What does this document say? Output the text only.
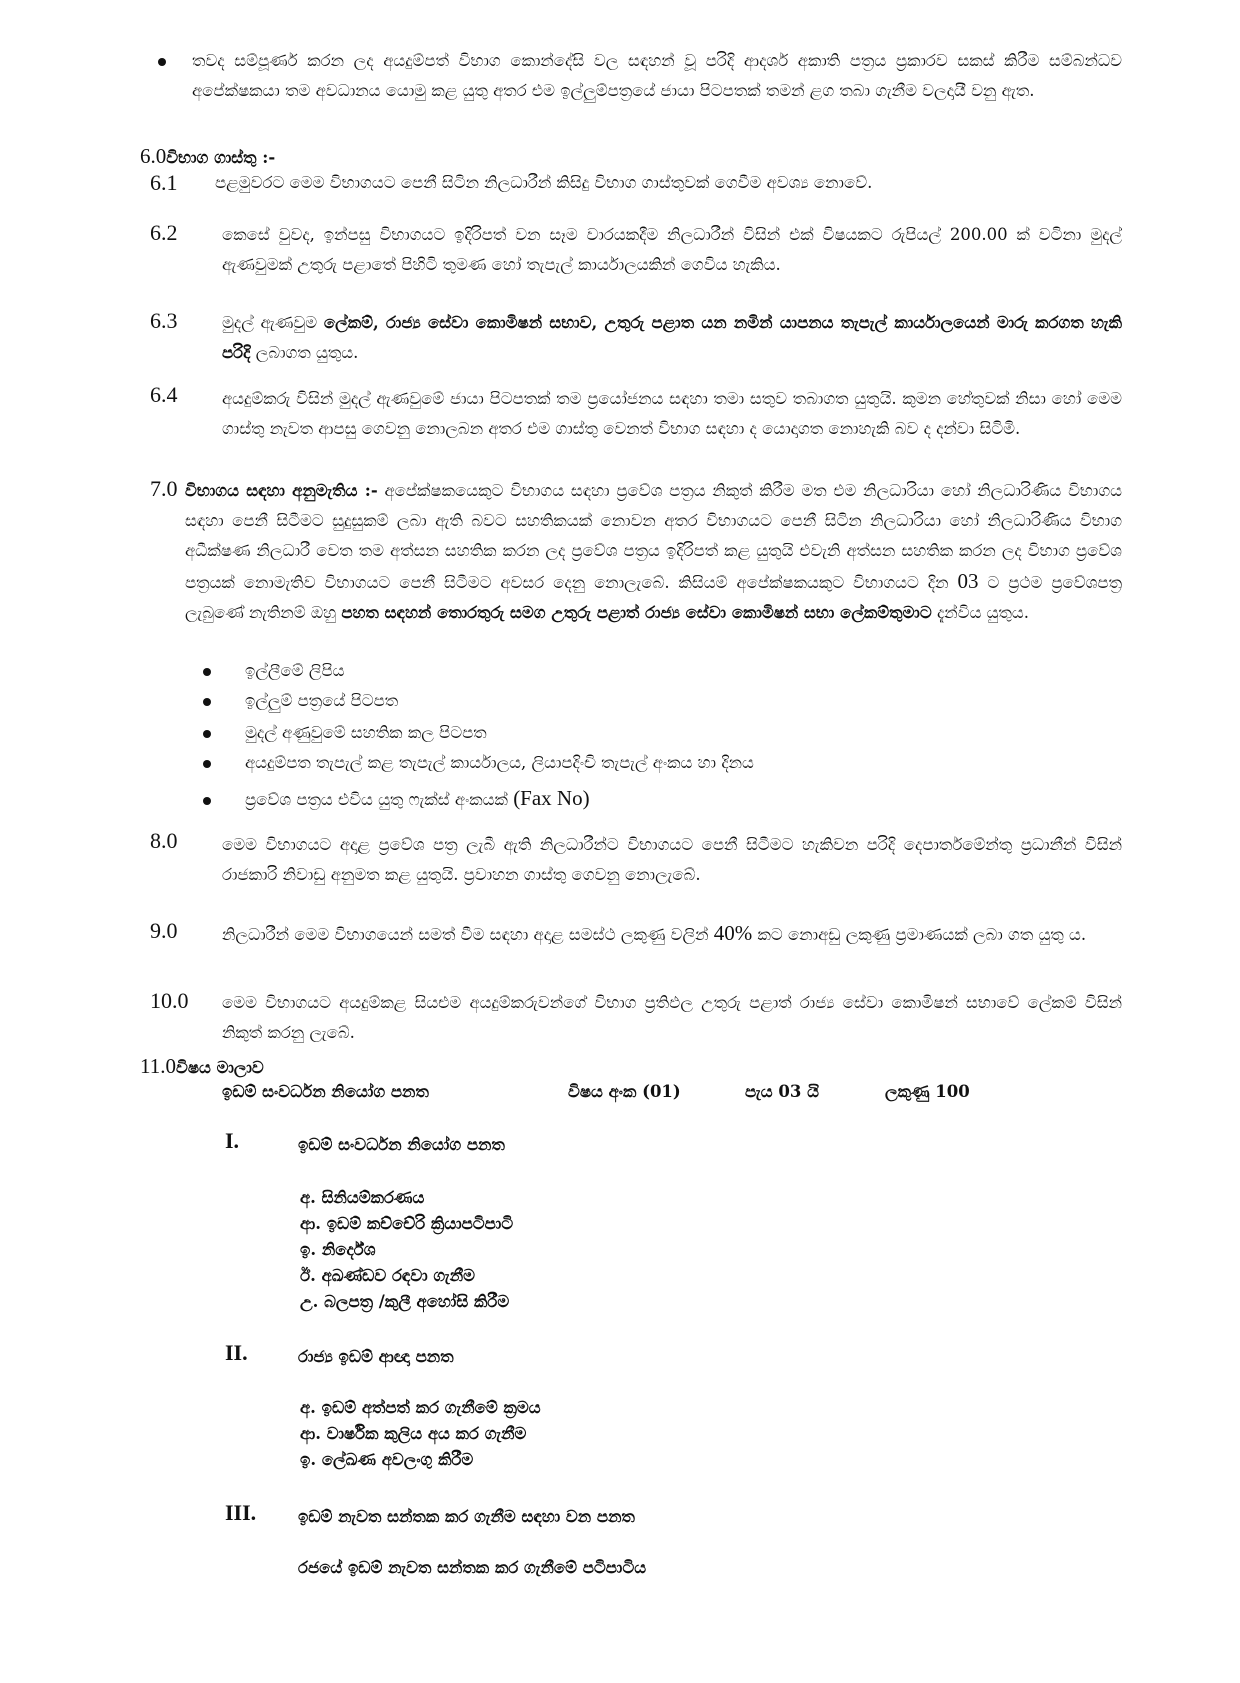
තවද සම්පූර්ණ කරන ලද අයදුම්පත් විභාග කොන්දේසි වල සඳහන් වූ පරිදි ආදර්ශ අකාති පත්‍රය ප්‍රකාරව සකස් කිරීම සම්බන්ධව අපේක්ෂකයා තම අවධානය යොමු කළ යුතු අතර එම ඉල්ලුම්පත්‍රයේ ජායා පිටපතක් තමන් ළග තබා ගැනීම වලදායී වනු ඇත.
6.0විභාග ගාස්තු :-
6.1 පළමුවරට මෙම විභාගයට පෙනී සිටින නිලධාරීන් කිසිදු විභාග ගාස්තුවක් ගෙවීම අවශ්‍ය නොවේ.
6.2	කෙසේ වුවද, ඉන්පසු විභාගයට ඉදිරිපත් වන සෑම වාරයකදීම නිලධාරීන් විසින් එක් විෂයකට රුපියල් 200.00 ක් වටිනා මුදල් ඇණවුමක් උතුරු පළාතේ පිහිටි තුමණ හෝ තැපැල් කාර්යාලයකින් ගෙවිය හැකිය.
6.3	මුදල් ඇණවුම ලේකම්, රාජ්‍ය සේවා කොමිෂන් සභාව, උතුරු පළාත යන නමින් යාපනය තැපැල් කාර්යාලයෙන් මාරු කරගත හැකි පරිදි ලබාගත යුතුය.
6.4	අයදුම්කරු විසින් මුදල් ඇණවුමේ ජායා පිටපතක් තම ප්‍රයෝජනය සඳහා තමා සතුව තබාගත යුතුයි. කුමන හේතුවක් නිසා හෝ මෙම ගාස්තු නැවත ආපසු ගෙවනු නොලබන අතර එම ගාස්තු වෙනත් විභාග සඳහා ද යොදාගත නොහැකි බව ද දන්වා සිටිමි.
7.0 විභාගය සඳහා අනුමැතිය :- අපේක්ෂකයෙකුට විභාගය සඳහා ප්‍රවේශ පත්‍රය නිකුත් කිරීම මත එම නිලධාරියා හෝ නිලධාරිණිය විභාගය සඳහා පෙනී සිටීමට සුදුසුකම් ලබා ඇති බවට සහතිකයක් නොවන අතර විභාගයට පෙනී සිටින නිලධාරියා හෝ නිලධාරිණිය විභාග අධීක්ෂණ නිලධාරී වෙත තම අත්සන සහතික කරන ලද ප්‍රවේශ පත්‍රය ඉදිරිපත් කළ යුතුයි එවැනි අත්සන සහතික කරන ලද විභාග ප්‍රවේශ පත්‍රයක් නොමැතිව විභාගයට පෙනී සිටීමට අවසර දෙනු නොලැබේ. කිසියම් අපේක්ෂකයකුට විභාගයට දින 03 ට ප්‍රථම ප්‍රවේශපත්‍ර ලැබුණේ නැතිනම් ඔහු පහත සඳහන් තොරතුරු සමග උතුරු පළාත් රාජ්‍ය සේවා කොමිෂන් සභා ලේකම්තුමාට දැන්විය යුතුය.
ඉල්ලීමේ ලිපිය
ඉල්ලුම් පත්‍රයේ පිටපත
මුදල් අණුවුමේ සහතික කල පිටපත
අයදුම්පත තැපැල් කළ තැපැල් කාර්යාලය, ලියාපදිංචි තැපැල් අංකය හා දිනය
ප්‍රවේශ පත්‍රය එවිය යුතු ෆැක්ස් අංකයක් (Fax No)
8.0	මෙම විභාගයට අදාළ ප්‍රවේශ පත්‍ර ලැබී ඇති නිලධාරීන්ට විභාගයට පෙනී සිටීමට හැකිවන පරිදි දෙපාර්තමේන්තු ප්‍රධානීන් විසින් රාජකාරි නිවාඩු අනුමත කළ යුතුයි. ප්‍රවාහන ගාස්තු ගෙවනු නොලැබේ.
9.0	නිලධාරීන් මෙම විභාගයෙන් සමත් වීම සඳහා අදාළ සමස්ථ ලකුණු වලින් 40% කට නොඅඩු ලකුණු ප්‍රමාණයක් ලබා ගත යුතු ය.
10.0 මෙම විභාගයට අයදුම්කළ සියළුම අයදුම්කරුවන්ගේ විභාග ප්‍රතිඵල උතුරු පළාත් රාජ්‍ය සේවා කොමිෂන් සභාවේ ලේකම් විසින් නිකුත් කරනු ලැබේ.
11.0විෂය මාලාව
ඉඩම් සංවර්ධන නියෝග පනත	විෂය අංක (01)	පැය 03 යි	ලකුණු 100
I.	ඉඩම් සංවර්ධන නියෝග පනත
අ. සිනියම්කරණය
ආ. ඉඩම් කච්චේරි ක්‍රියාපටිපාටි
ඉ. නිර්දේශ
ඊ. අඛණ්ඩව රඳවා ගැනීම
උ. බලපත්‍ර /කුලී අහෝසි කිරීම
II.	රාජ්‍ය ඉඩම් ආඥා පනත
අ. ඉඩම් අත්පත් කර ගැනීමේ ක්‍රමය
ආ. වාර්ෂික කුලිය අය කර ගැනීම
ඉ. ලේඛණ අවලංගු කිරීම
III.	ඉඩම් නැවත සන්තක කර ගැනීම සඳහා වන පනත
රජයේ ඉඩම් නැවත සන්තක කර ගැනීමේ පටිපාටිය
